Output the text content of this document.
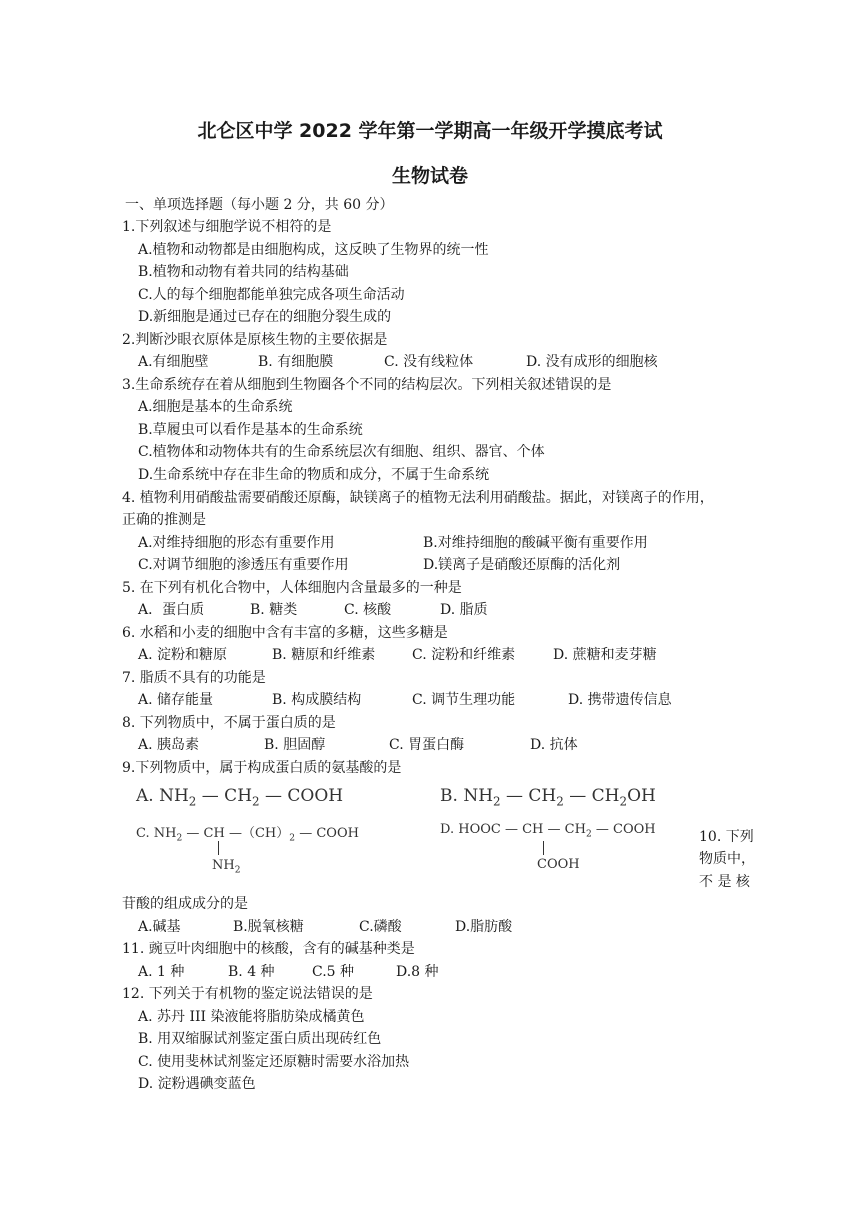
北仑区中学 2022 学年第一学期高一年级开学摸底考试
生物试卷
一、单项选择题（每小题 2 分，共 60 分）
1.下列叙述与细胞学说不相符的是
A.植物和动物都是由细胞构成，这反映了生物界的统一性
B.植物和动物有着共同的结构基础
C.人的每个细胞都能单独完成各项生命活动
D.新细胞是通过已存在的细胞分裂生成的
2.判断沙眼衣原体是原核生物的主要依据是
A.有细胞壁	B. 有细胞膜	C. 没有线粒体	D. 没有成形的细胞核
3.生命系统存在着从细胞到生物圈各个不同的结构层次。下列相关叙述错误的是
A.细胞是基本的生命系统
B.草履虫可以看作是基本的生命系统
C.植物体和动物体共有的生命系统层次有细胞、组织、器官、个体
D.生命系统中存在非生命的物质和成分，不属于生命系统
4. 植物利用硝酸盐需要硝酸还原酶，缺镁离子的植物无法利用硝酸盐。据此，对镁离子的作用，
正确的推测是
A.对维持细胞的形态有重要作用	B.对维持细胞的酸碱平衡有重要作用
C.对调节细胞的渗透压有重要作用	D.镁离子是硝酸还原酶的活化剂
5. 在下列有机化合物中，人体细胞内含量最多的一种是
A．蛋白质	B. 糖类	C. 核酸	D. 脂质
6. 水稻和小麦的细胞中含有丰富的多糖，这些多糖是
A. 淀粉和糖原	B. 糖原和纤维素	C. 淀粉和纤维素	D. 蔗糖和麦芽糖
7. 脂质不具有的功能是
A. 储存能量	B. 构成膜结构	C. 调节生理功能	D. 携带遗传信息
8. 下列物质中，不属于蛋白质的是
A. 胰岛素	B. 胆固醇	C. 胃蛋白酶	D. 抗体
9.下列物质中，属于构成蛋白质的氨基酸的是
A. $NH_2$ — $CH_2$ — COOH	B. $NH_2$ — $CH_2$ — $CH_2OH$
C. $NH_2$ — CH $—(CH)_2$ — COOH
$NH_2$
D. HOOC — CH — $CH_2$ — COOH
COOH
10. 下列
物质中，
不 是 核
苷酸的组成成分的是
A.碱基	B.脱氧核糖	C.磷酸	D.脂肪酸
11. 豌豆叶肉细胞中的核酸，含有的碱基种类是
A. 1 种	B. 4 种	C.5 种	D.8 种
12. 下列关于有机物的鉴定说法错误的是
A. 苏丹 III 染液能将脂肪染成橘黄色
B. 用双缩脲试剂鉴定蛋白质出现砖红色
C. 使用斐林试剂鉴定还原糖时需要水浴加热
D. 淀粉遇碘变蓝色
